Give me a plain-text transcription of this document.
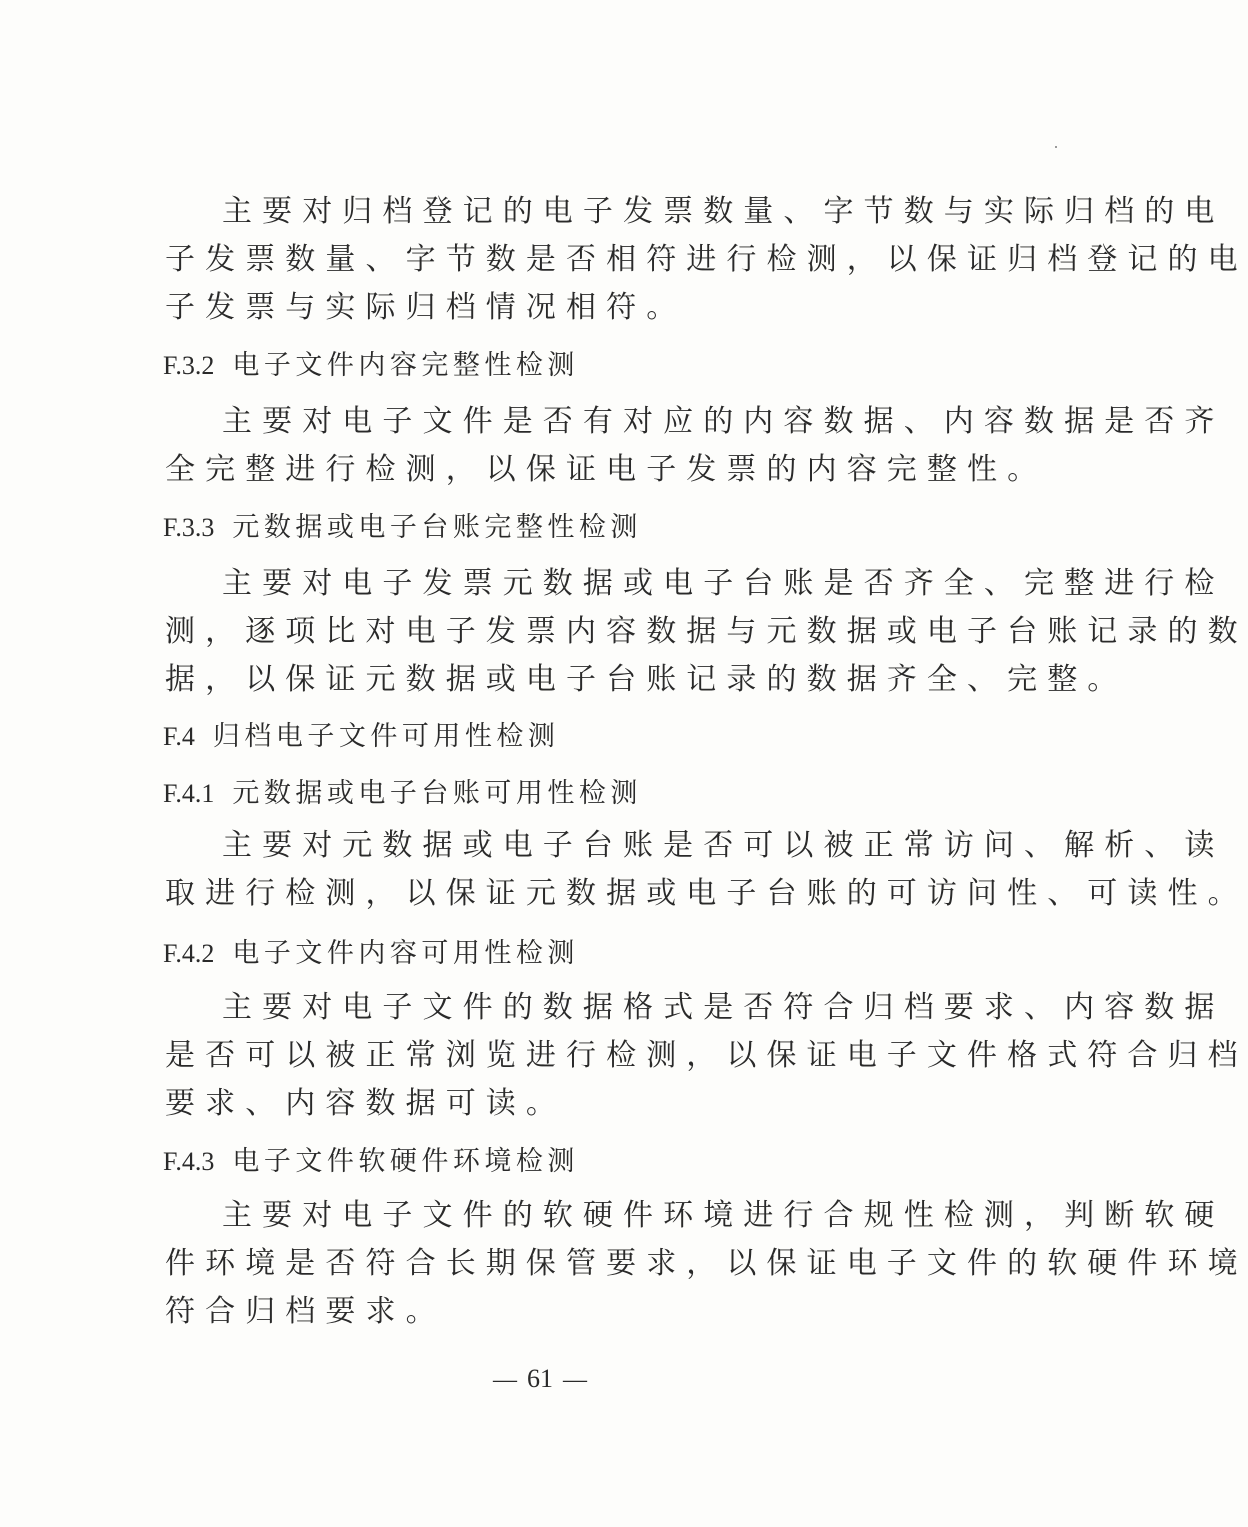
主要对归档登记的电子发票数量、字节数与实际归档的电
子发票数量、字节数是否相符进行检测，以保证归档登记的电
子发票与实际归档情况相符。
F.3.2 电子文件内容完整性检测
主要对电子文件是否有对应的内容数据、内容数据是否齐
全完整进行检测，以保证电子发票的内容完整性。
F.3.3 元数据或电子台账完整性检测
主要对电子发票元数据或电子台账是否齐全、完整进行检
测，逐项比对电子发票内容数据与元数据或电子台账记录的数
据，以保证元数据或电子台账记录的数据齐全、完整。
F.4 归档电子文件可用性检测
F.4.1 元数据或电子台账可用性检测
主要对元数据或电子台账是否可以被正常访问、解析、读
取进行检测，以保证元数据或电子台账的可访问性、可读性。
F.4.2 电子文件内容可用性检测
主要对电子文件的数据格式是否符合归档要求、内容数据
是否可以被正常浏览进行检测，以保证电子文件格式符合归档
要求、内容数据可读。
F.4.3 电子文件软硬件环境检测
主要对电子文件的软硬件环境进行合规性检测，判断软硬
件环境是否符合长期保管要求，以保证电子文件的软硬件环境
符合归档要求。
— 61 —
